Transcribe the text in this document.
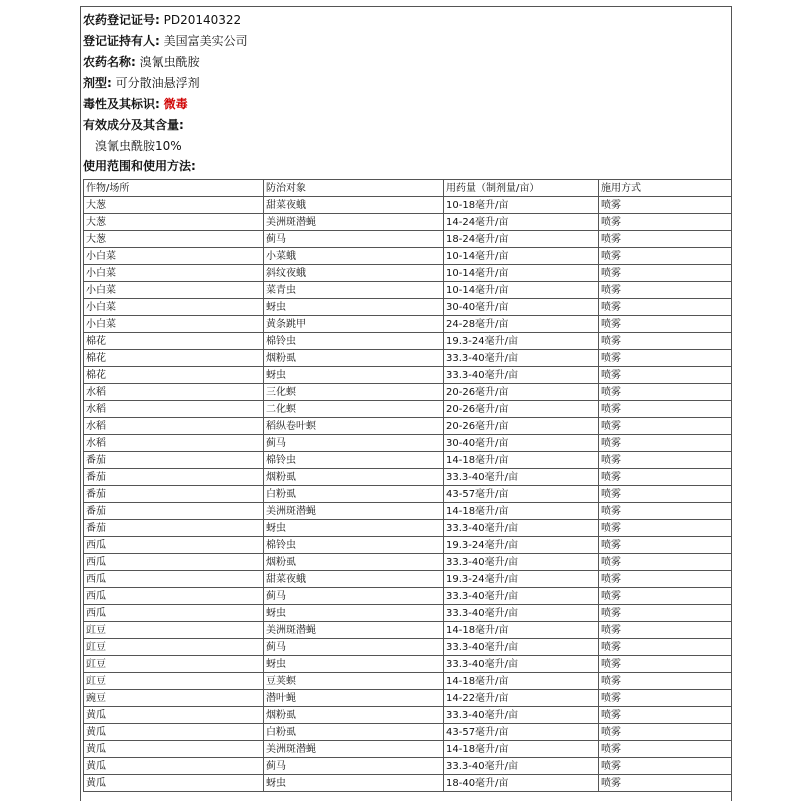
农药登记证号: PD20140322
登记证持有人: 美国富美实公司
农药名称: 溴氰虫酰胺
剂型: 可分散油悬浮剂
毒性及其标识: 微毒
有效成分及其含量:
溴氰虫酰胺10%
使用范围和使用方法:
作物/场所	防治对象	用药量（制剂量/亩）	施用方式
大葱	甜菜夜蛾	10-18毫升/亩	喷雾
大葱	美洲斑潜蝇	14-24毫升/亩	喷雾
大葱	蓟马	18-24毫升/亩	喷雾
小白菜	小菜蛾	10-14毫升/亩	喷雾
小白菜	斜纹夜蛾	10-14毫升/亩	喷雾
小白菜	菜青虫	10-14毫升/亩	喷雾
小白菜	蚜虫	30-40毫升/亩	喷雾
小白菜	黄条跳甲	24-28毫升/亩	喷雾
棉花	棉铃虫	19.3-24毫升/亩	喷雾
棉花	烟粉虱	33.3-40毫升/亩	喷雾
棉花	蚜虫	33.3-40毫升/亩	喷雾
水稻	三化螟	20-26毫升/亩	喷雾
水稻	二化螟	20-26毫升/亩	喷雾
水稻	稻纵卷叶螟	20-26毫升/亩	喷雾
水稻	蓟马	30-40毫升/亩	喷雾
番茄	棉铃虫	14-18毫升/亩	喷雾
番茄	烟粉虱	33.3-40毫升/亩	喷雾
番茄	白粉虱	43-57毫升/亩	喷雾
番茄	美洲斑潜蝇	14-18毫升/亩	喷雾
番茄	蚜虫	33.3-40毫升/亩	喷雾
西瓜	棉铃虫	19.3-24毫升/亩	喷雾
西瓜	烟粉虱	33.3-40毫升/亩	喷雾
西瓜	甜菜夜蛾	19.3-24毫升/亩	喷雾
西瓜	蓟马	33.3-40毫升/亩	喷雾
西瓜	蚜虫	33.3-40毫升/亩	喷雾
豇豆	美洲斑潜蝇	14-18毫升/亩	喷雾
豇豆	蓟马	33.3-40毫升/亩	喷雾
豇豆	蚜虫	33.3-40毫升/亩	喷雾
豇豆	豆荚螟	14-18毫升/亩	喷雾
豌豆	潜叶蝇	14-22毫升/亩	喷雾
黄瓜	烟粉虱	33.3-40毫升/亩	喷雾
黄瓜	白粉虱	43-57毫升/亩	喷雾
黄瓜	美洲斑潜蝇	14-18毫升/亩	喷雾
黄瓜	蓟马	33.3-40毫升/亩	喷雾
黄瓜	蚜虫	18-40毫升/亩	喷雾
